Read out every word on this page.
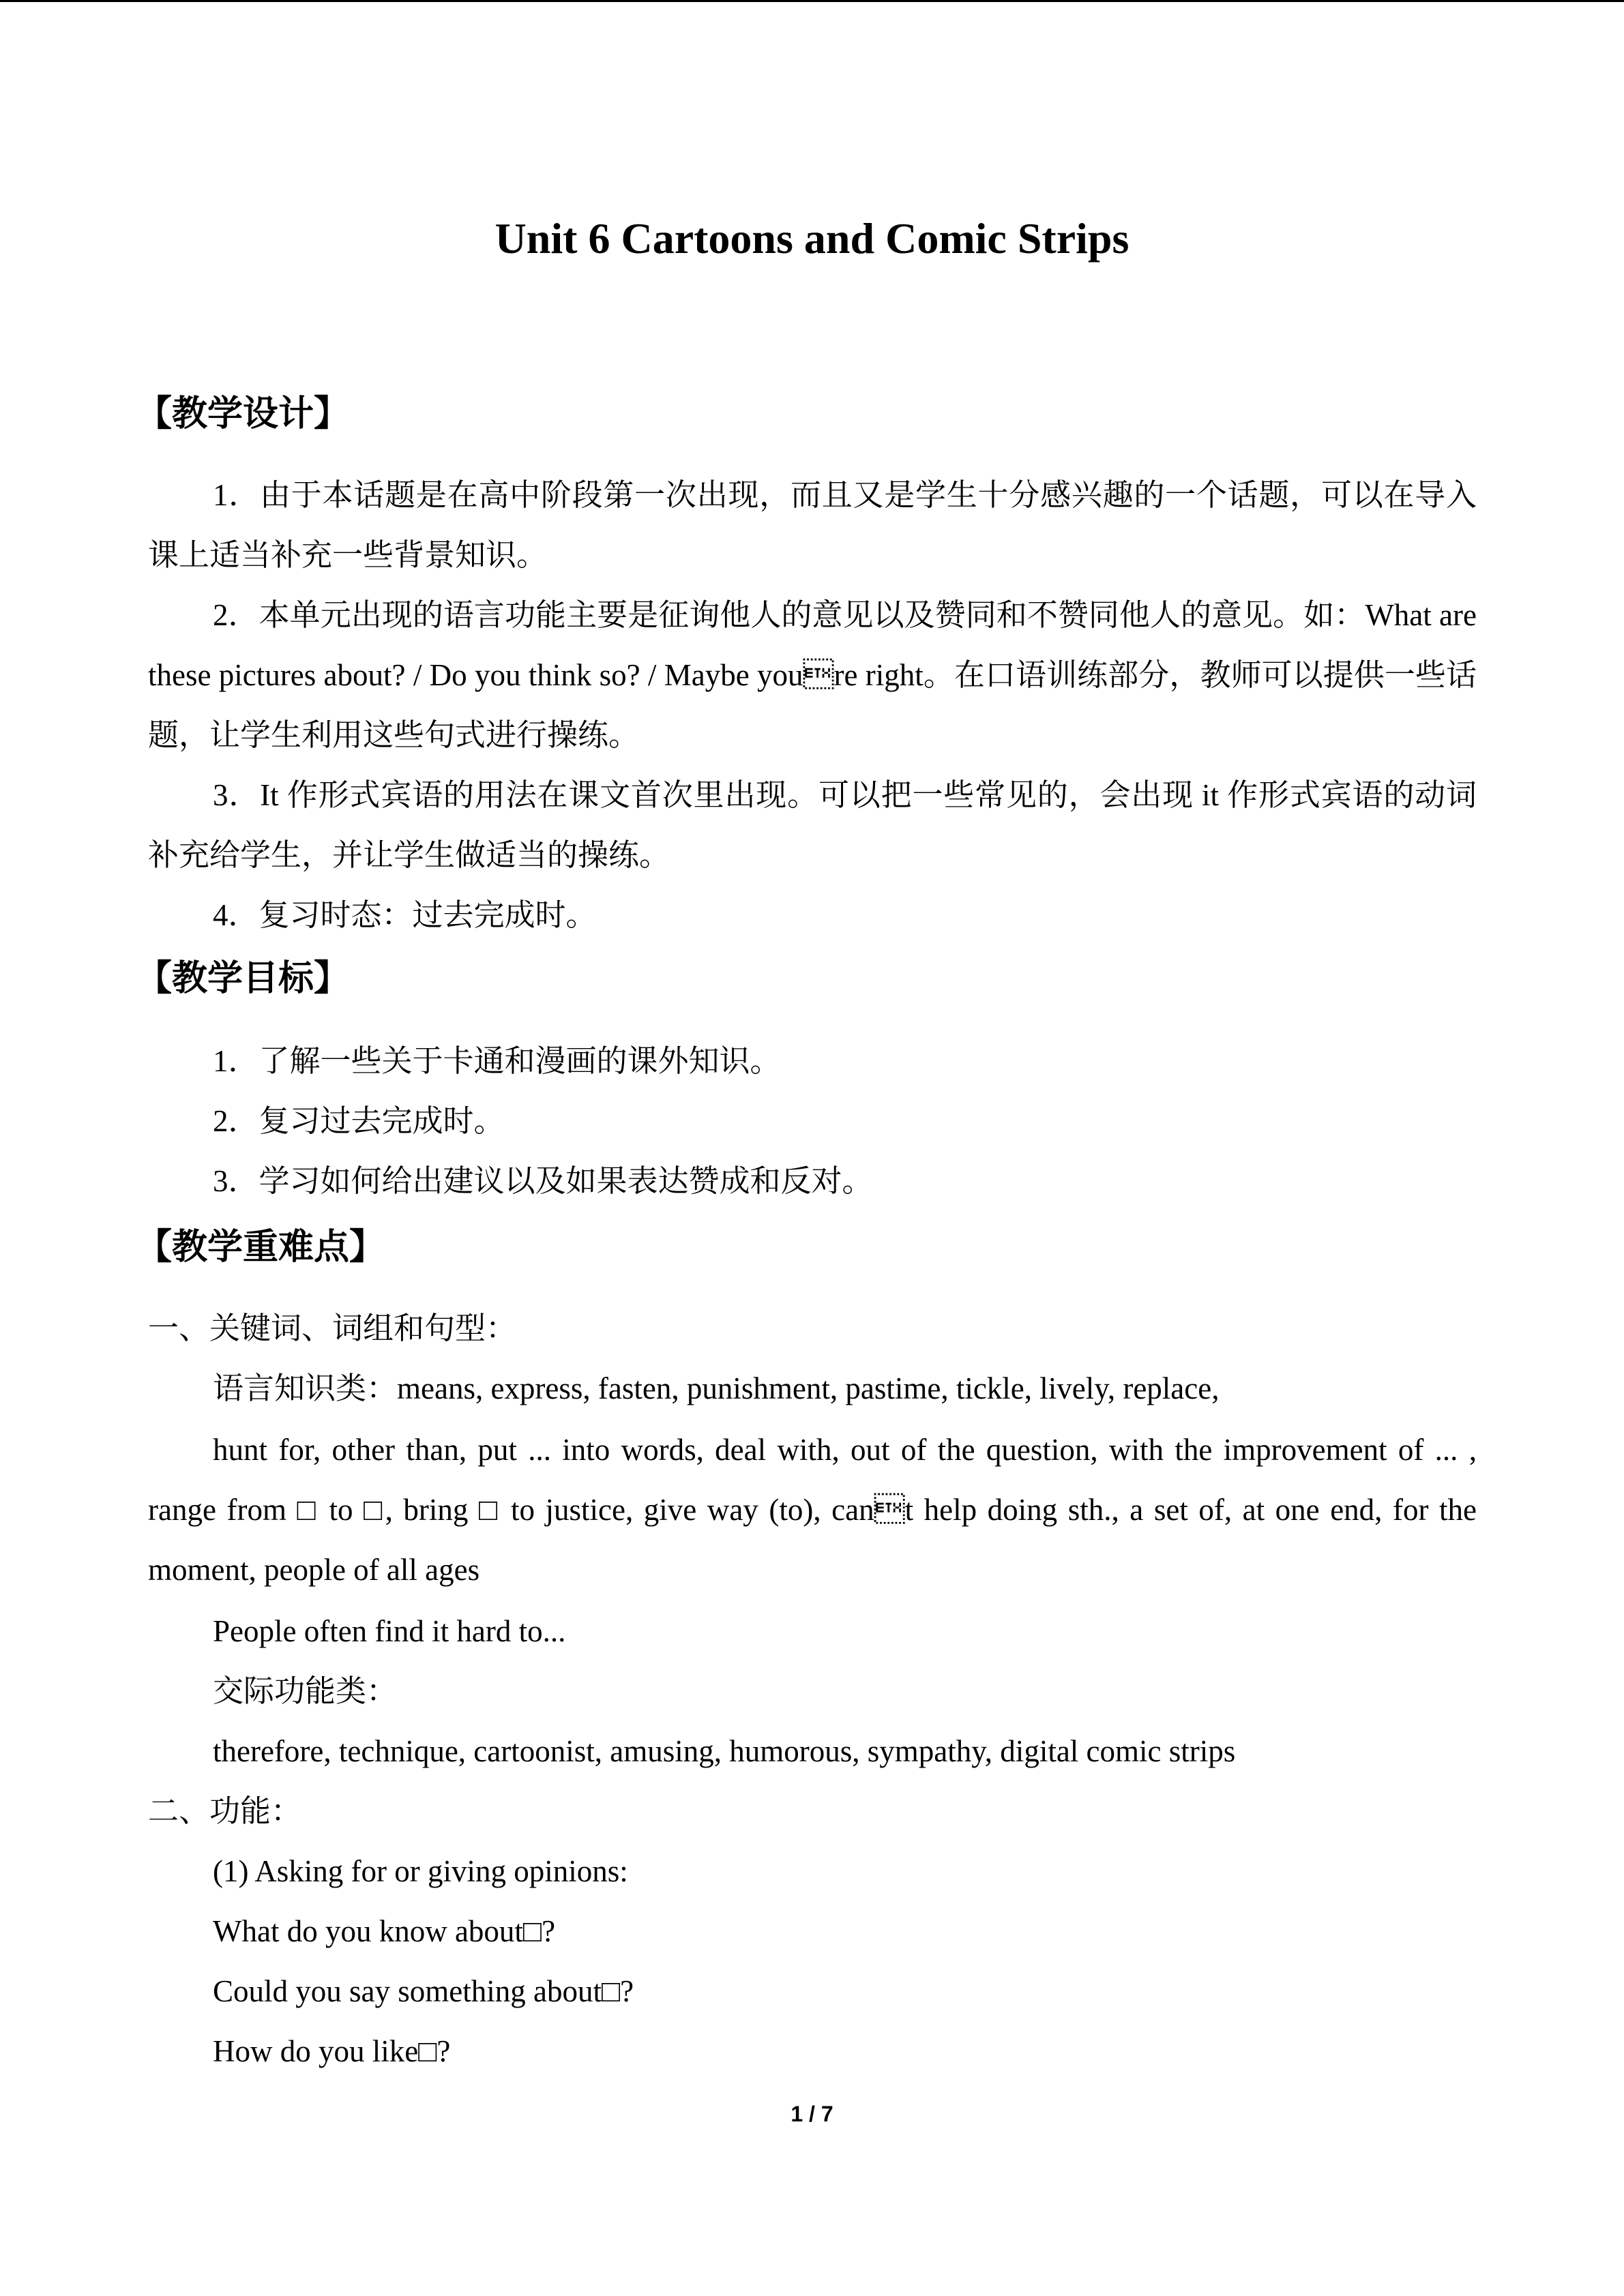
Unit 6 Cartoons and Comic Strips
【教学设计】
1．由于本话题是在高中阶段第一次出现，而且又是学生十分感兴趣的一个话题，可以在导入课上适当补充一些背景知识。
2．本单元出现的语言功能主要是征询他人的意见以及赞同和不赞同他人的意见。如：What are these pictures about? / Do you think so? / Maybe youre right。在口语训练部分，教师可以提供一些话题，让学生利用这些句式进行操练。
3．It 作形式宾语的用法在课文首次里出现。可以把一些常见的，会出现 it 作形式宾语的动词补充给学生，并让学生做适当的操练。
4．复习时态：过去完成时。
【教学目标】
1．了解一些关于卡通和漫画的课外知识。
2．复习过去完成时。
3．学习如何给出建议以及如果表达赞成和反对。
【教学重难点】
一、关键词、词组和句型：
语言知识类：means, express, fasten, punishment, pastime, tickle, lively, replace,
hunt for, other than, put ... into words, deal with, out of the question, with the improvement of ... , range from □ to □, bring □ to justice, give way (to), cant help doing sth., a set of, at one end, for the moment, people of all ages
People often find it hard to...
交际功能类：
therefore, technique, cartoonist, amusing, humorous, sympathy, digital comic strips
二、功能：
(1) Asking for or giving opinions:
What do you know about□?
Could you say something about□?
How do you like□?
1 / 7
